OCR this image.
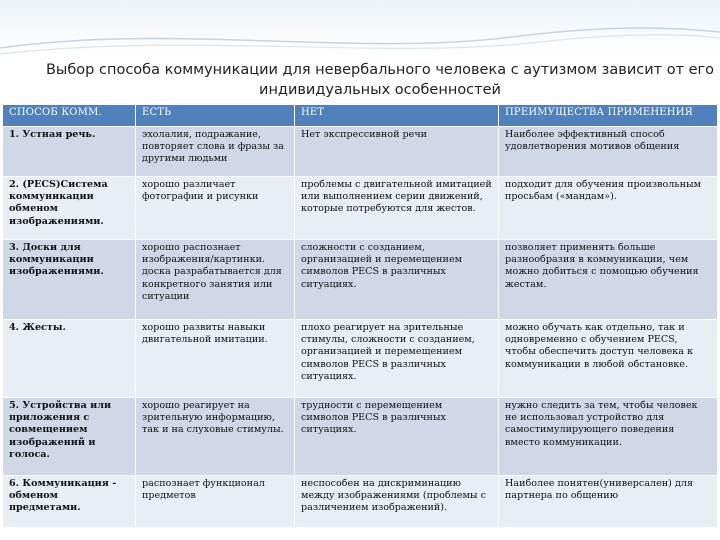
Выбор способа коммуникации для невербального человека с аутизмом зависит от его индивидуальных особенностей
СПОСОБ КОММ.	ЕСТЬ	НЕТ	ПРЕИМУЩЕСТВА ПРИМЕНЕНИЯ
1. Устная речь.	эхолалия, подражание, повторяет слова и фразы за другими людьми	Нет экспрессивной речи	Наиболее эффективный способ удовлетворения мотивов общения
2. (PECS)Система коммуникации обменом изображениями.	хорошо различает фотографии и рисунки	проблемы с двигательной имитацией или выполнением серии движений, которые потребуются для жестов.	подходит для обучения произвольным просьбам («мандам»).
3. Доски для коммуникации изображениями.	хорошо распознает изображения/картинки. доска разрабатывается для конкретного занятия или ситуации	сложности с созданием, организацией и перемещением символов PECS в различных ситуациях.	позволяет применять больше разнообразия в коммуникации, чем можно добиться с помощью обучения жестам.
4. Жесты.	хорошо развиты навыки двигательной имитации.	плохо реагирует на зрительные стимулы, сложности с созданием, организацией и перемещением символов PECS в различных ситуациях.	можно обучать как отдельно, так и одновременно с обучением PECS, чтобы обеспечить доступ человека к коммуникации в любой обстановке.
5. Устройства или приложения с совмещением изображений и голоса.	хорошо реагирует на зрительную информацию, так и на слуховые стимулы.	трудности с перемещением символов PECS в различных ситуациях.	нужно следить за тем, чтобы человек не использовал устройство для самостимулирующего поведения вместо коммуникации.
6. Коммуникация - обменом предметами.	распознает функционал предметов	неспособен на дискриминацию между изображениями (проблемы с различением изображений).	Наиболее понятен(универсален) для партнера по общению
